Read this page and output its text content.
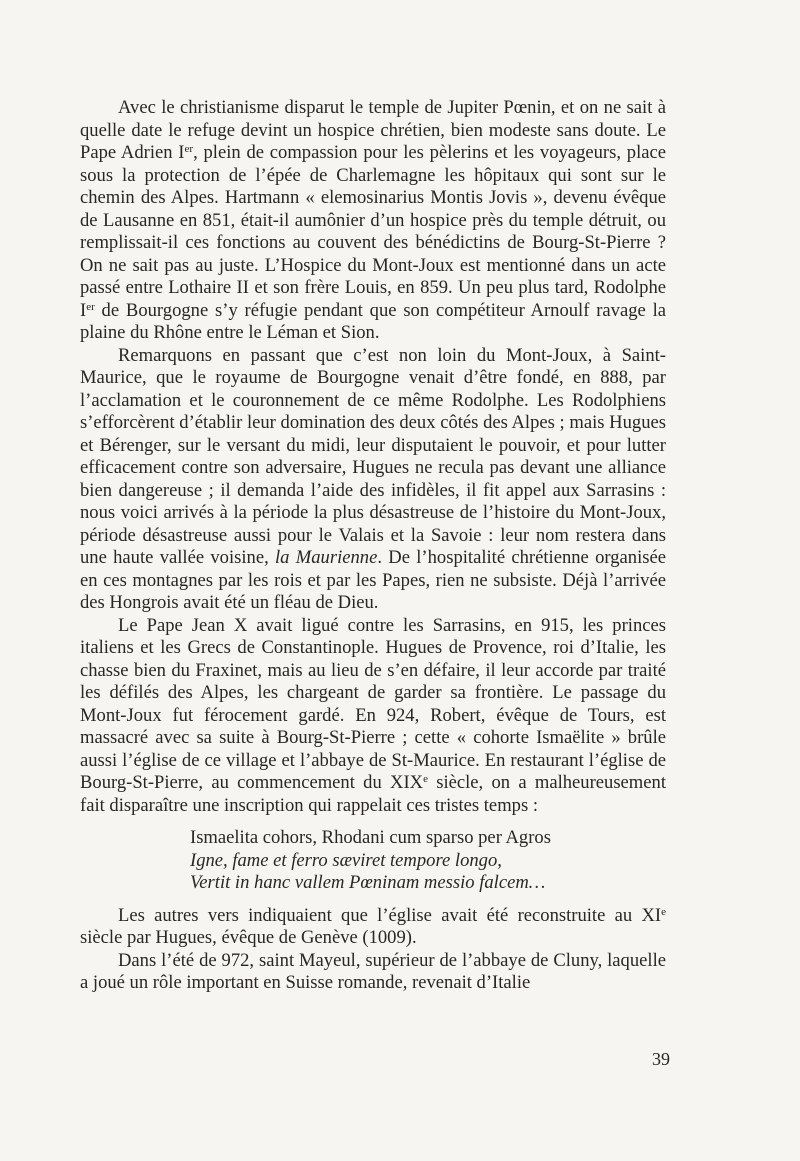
Avec le christianisme disparut le temple de Jupiter Pœnin, et on ne sait à quelle date le refuge devint un hospice chrétien, bien modeste sans doute. Le Pape Adrien Ier, plein de compassion pour les pèlerins et les voyageurs, place sous la protection de l’épée de Charlemagne les hôpitaux qui sont sur le chemin des Alpes. Hartmann « elemosinarius Montis Jovis », devenu évêque de Lausanne en 851, était-il aumônier d’un hospice près du temple détruit, ou remplissait-il ces fonctions au couvent des bénédictins de Bourg-St-Pierre ? On ne sait pas au juste. L’Hospice du Mont-Joux est mentionné dans un acte passé entre Lothaire II et son frère Louis, en 859. Un peu plus tard, Rodolphe Ier de Bourgogne s’y réfugie pendant que son compétiteur Arnoulf ravage la plaine du Rhône entre le Léman et Sion.

Remarquons en passant que c’est non loin du Mont-Joux, à Saint-Maurice, que le royaume de Bourgogne venait d’être fondé, en 888, par l’acclamation et le couronnement de ce même Rodolphe. Les Rodolphiens s’efforcèrent d’établir leur domination des deux côtés des Alpes ; mais Hugues et Bérenger, sur le versant du midi, leur disputaient le pouvoir, et pour lutter efficacement contre son adversaire, Hugues ne recula pas devant une alliance bien dangereuse ; il demanda l’aide des infidèles, il fit appel aux Sarrasins : nous voici arrivés à la période la plus désastreuse de l’histoire du Mont-Joux, période désastreuse aussi pour le Valais et la Savoie : leur nom restera dans une haute vallée voisine, la Maurienne. De l’hospitalité chrétienne organisée en ces montagnes par les rois et par les Papes, rien ne subsiste. Déjà l’arrivée des Hongrois avait été un fléau de Dieu.

Le Pape Jean X avait ligué contre les Sarrasins, en 915, les princes italiens et les Grecs de Constantinople. Hugues de Provence, roi d’Italie, les chasse bien du Fraxinet, mais au lieu de s’en défaire, il leur accorde par traité les défilés des Alpes, les chargeant de garder sa frontière. Le passage du Mont-Joux fut férocement gardé. En 924, Robert, évêque de Tours, est massacré avec sa suite à Bourg-St-Pierre ; cette « cohorte Ismaëlite » brûle aussi l’église de ce village et l’abbaye de St-Maurice. En restaurant l’église de Bourg-St-Pierre, au commencement du XIXe siècle, on a malheureusement fait disparaître une inscription qui rappelait ces tristes temps :

Ismaelita cohors, Rhodani cum sparso per Agros
Igne, fame et ferro sæviret tempore longo,
Vertit in hanc vallem Pœninam messio falcem…

Les autres vers indiquaient que l’église avait été reconstruite au XIe siècle par Hugues, évêque de Genève (1009).

Dans l’été de 972, saint Mayeul, supérieur de l’abbaye de Cluny, laquelle a joué un rôle important en Suisse romande, revenait d’Italie

39
